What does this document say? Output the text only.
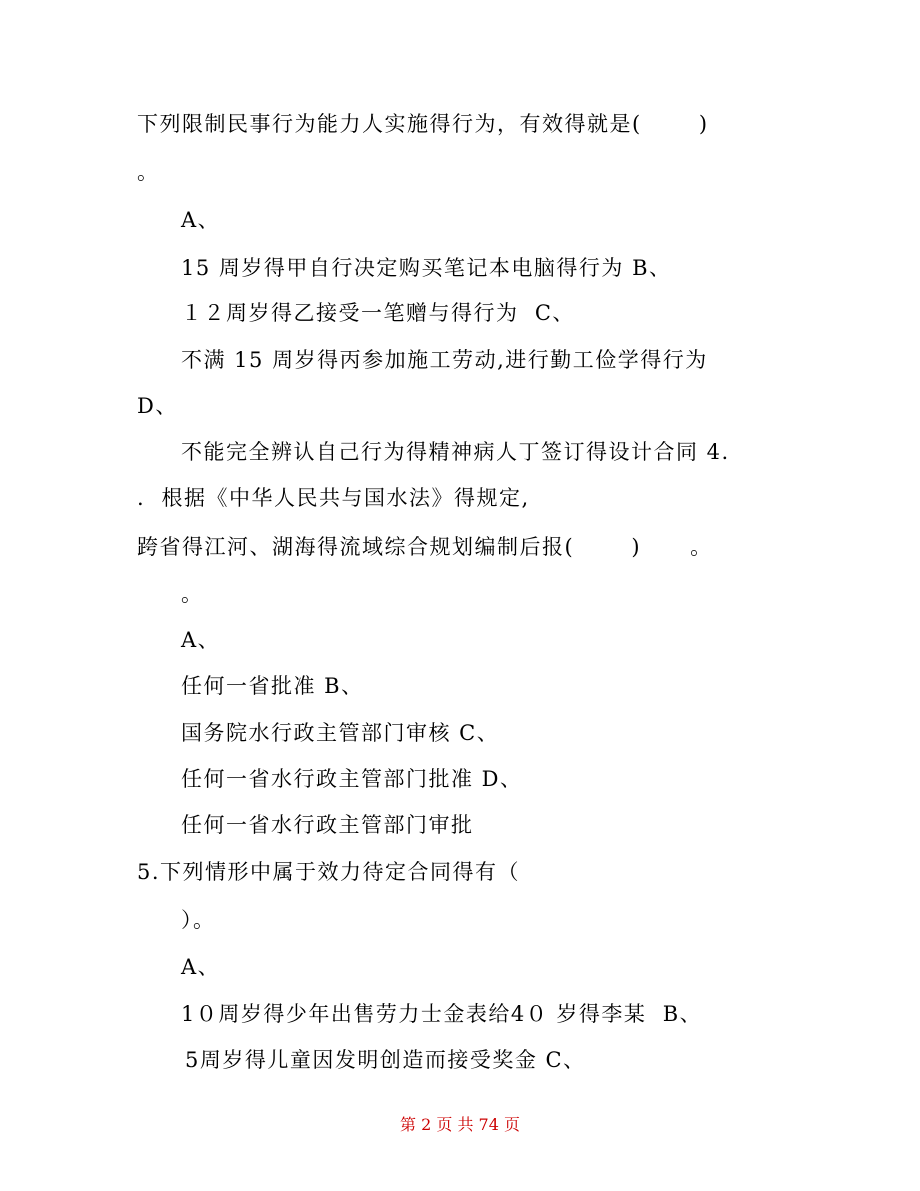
下列限制民事行为能力人实施得行为，有效得就是(       )
。
A、
15 周岁得甲自行决定购买笔记本电脑得行为 B、
１２周岁得乙接受一笔赠与得行为  C、
不满 15 周岁得丙参加施工劳动,进行勤工俭学得行为
D、
不能完全辨认自己行为得精神病人丁签订得设计合同 4.
.  根据《中华人民共与国水法》得规定,
跨省得江河、湖海得流域综合规划编制后报(       )      。
。
A、
任何一省批准 B、
国务院水行政主管部门审核 C、
任何一省水行政主管部门批准 D、
任何一省水行政主管部门审批
5.下列情形中属于效力待定合同得有（
）。
A、
1０周岁得少年出售劳力士金表给4０ 岁得李某  B、
5周岁得儿童因发明创造而接受奖金 C、
第 2 页 共 74 页
